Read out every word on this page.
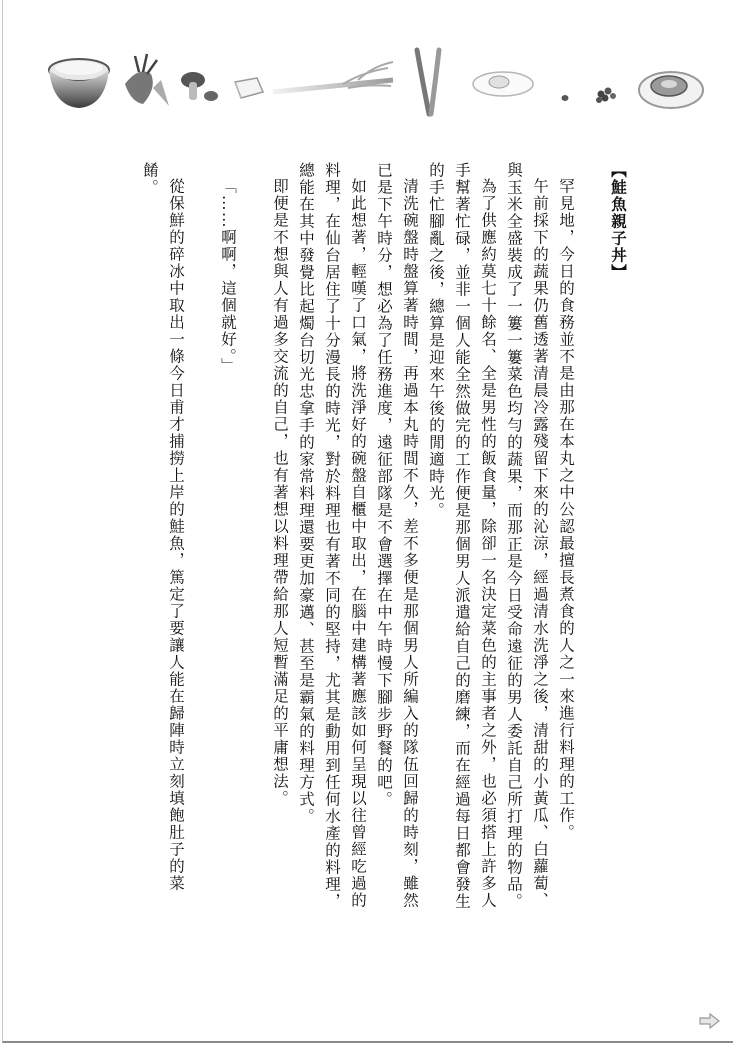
【鮭魚親子丼】

罕見地，今日的食務並不是由那在本丸之中公認最擅長煮食的人之一來進行料理的工作。

午前採下的蔬果仍舊透著清晨冷露殘留下來的沁涼，經過清水洗淨之後，清甜的小黃瓜、白蘿蔔、與玉米全盛裝成了一簍一簍菜色均勻的蔬果，而那正是今日受命遠征的男人委託自己所打理的物品。

為了供應約莫七十餘名、全是男性的飯食量，除卻一名決定菜色的主事者之外，也必須搭上許多人手幫著忙碌，並非一個人能全然做完的工作便是那個男人派遣給自己的磨練，而在經過每日都會發生的手忙腳亂之後，總算是迎來午後的閒適時光。

清洗碗盤時盤算著時間，再過本丸時間不久，差不多便是那個男人所編入的隊伍回歸的時刻，雖然已是下午時分，想必為了任務進度，遠征部隊是不會選擇在中午時慢下腳步野餐的吧。

如此想著，輕嘆了口氣，將洗淨好的碗盤自櫃中取出，在腦中建構著應該如何呈現以往曾經吃過的料理，在仙台居住了十分漫長的時光，對於料理也有著不同的堅持，尤其是動用到任何水產的料理，總能在其中發覺比起燭台切光忠拿手的家常料理還要更加豪邁、甚至是霸氣的料理方式。

即便是不想與人有過多交流的自己，也有著想以料理帶給那人短暫滿足的平庸想法。

「……啊啊，這個就好。」

從保鮮的碎冰中取出一條今日甫才捕撈上岸的鮭魚，篤定了要讓人能在歸陣時立刻填飽肚子的菜餚。
